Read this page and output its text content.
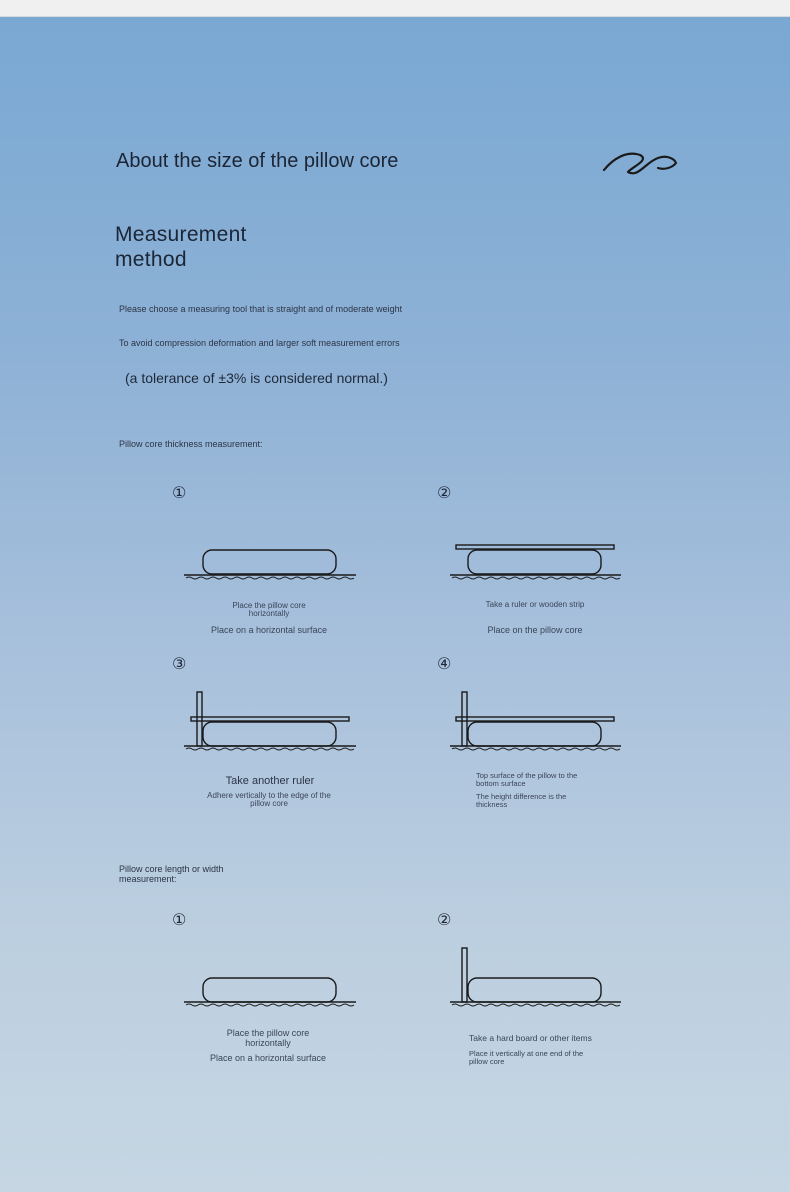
About the size of the pillow core
Measurement method
Please choose a measuring tool that is straight and of moderate weight
To avoid compression deformation and larger soft measurement errors
(a tolerance of ±3% is considered normal.)
Pillow core thickness measurement:
①	②
③	④
Place the pillow core horizontally
Place on a horizontal surface
Take a ruler or wooden strip
Place on the pillow core
Take another ruler
Adhere vertically to the edge of the pillow core
Top surface of the pillow to the bottom surface
The height difference is the thickness
Pillow core length or width measurement:
①	②
Place the pillow core horizontally
Place on a horizontal surface
Take a hard board or other items
Place it vertically at one end of the pillow core
